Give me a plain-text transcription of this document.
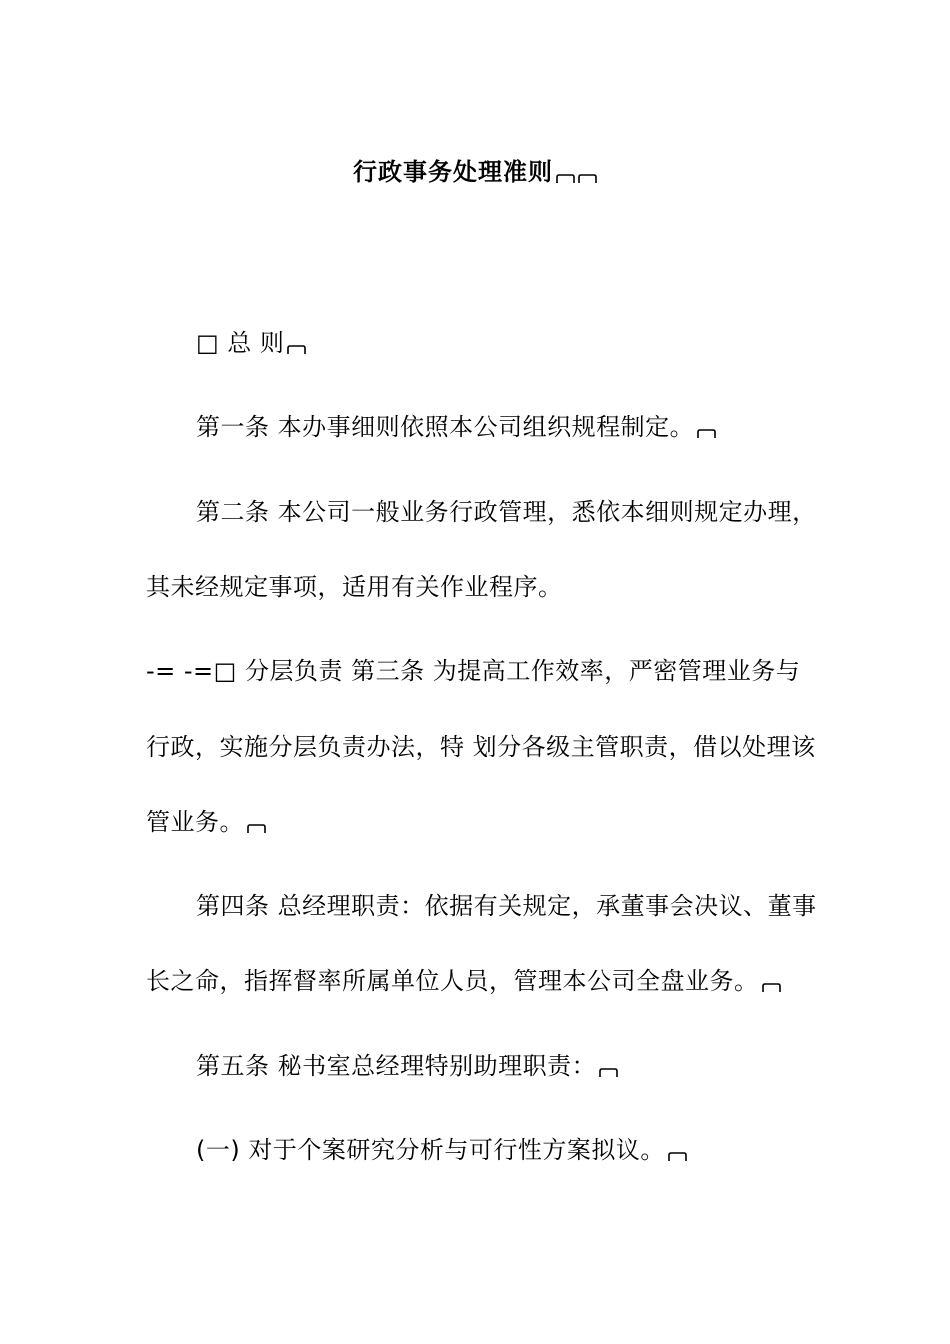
行政事务处理准则
□ 总 则
第一条 本办事细则依照本公司组织规程制定。
第二条 本公司一般业务行政管理，悉依本细则规定办理，
其未经规定事项，适用有关作业程序。
-= -=□ 分层负责 第三条 为提高工作效率，严密管理业务与
行政，实施分层负责办法，特 划分各级主管职责，借以处理该
管业务。
第四条 总经理职责：依据有关规定，承董事会决议、董事
长之命，指挥督率所属单位人员，管理本公司全盘业务。
第五条 秘书室总经理特别助理职责：
(一) 对于个案研究分析与可行性方案拟议。
